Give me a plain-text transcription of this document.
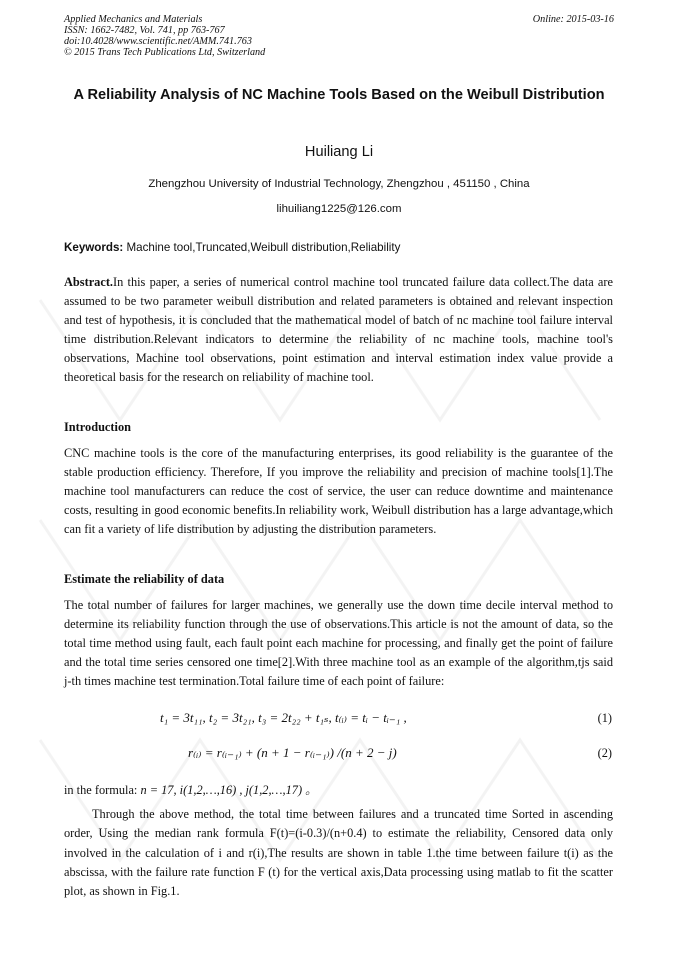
Applied Mechanics and Materials
ISSN: 1662-7482, Vol. 741, pp 763-767
doi:10.4028/www.scientific.net/AMM.741.763
© 2015 Trans Tech Publications Ltd, Switzerland
Online: 2015-03-16
A Reliability Analysis of NC Machine Tools Based on the Weibull Distribution
Huiliang Li
Zhengzhou University of Industrial Technology, Zhengzhou , 451150 , China
lihuiliang1225@126.com
Keywords: Machine tool,Truncated,Weibull distribution,Reliability
Abstract.In this paper, a series of numerical control machine tool truncated failure data collect.The data are assumed to be two parameter weibull distribution and related parameters is obtained and relevant inspection and test of hypothesis, it is concluded that the mathematical model of batch of nc machine tool failure interval time distribution.Relevant indicators to determine the reliability of nc machine tools, machine tool's observations, Machine tool observations, point estimation and interval estimation index value provide a theoretical basis for the research on reliability of machine tool.
Introduction
CNC machine tools is the core of the manufacturing enterprises, its good reliability is the guarantee of the stable production efficiency. Therefore, If you improve the reliability and precision of machine tools[1].The machine tool manufacturers can reduce the cost of service, the user can reduce downtime and maintenance costs, resulting in good economic benefits.In reliability work, Weibull distribution has a large advantage,which can fit a variety of life distribution by adjusting the distribution parameters.
Estimate the reliability of data
The total number of failures for larger machines, we generally use the down time decile interval method to determine its reliability function through the use of observations.This article is not the amount of data, so the total time method using fault, each fault point each machine for processing, and finally get the point of failure and the total time series censored one time[2].With three machine tool as an example of the algorithm,tjs said j-th times machine test termination.Total failure time of each point of failure:
t₁ = 3t₁₁, t₂ = 3t₂₁, t₃ = 2t₂₂ + t₁ₛ, t₍ᵢ₎ = tᵢ − tᵢ₋₁ ,	(1)
r₍ᵢ₎ = r₍ᵢ₋₁₎ + (n + 1 − r₍ᵢ₋₁₎) /(n + 2 − j)	(2)
in the formula: n = 17, i(1,2,…,16) , j(1,2,…,17) 。
Through the above method, the total time between failures and a truncated time Sorted in ascending order, Using the median rank formula F(t)=(i-0.3)/(n+0.4) to estimate the reliability, Censored data only involved in the calculation of i and r(i),The results are shown in table 1.the time between failure t(i) as the abscissa, with the failure rate function F (t) for the vertical axis,Data processing using matlab to fit the scatter plot, as shown in Fig.1.
